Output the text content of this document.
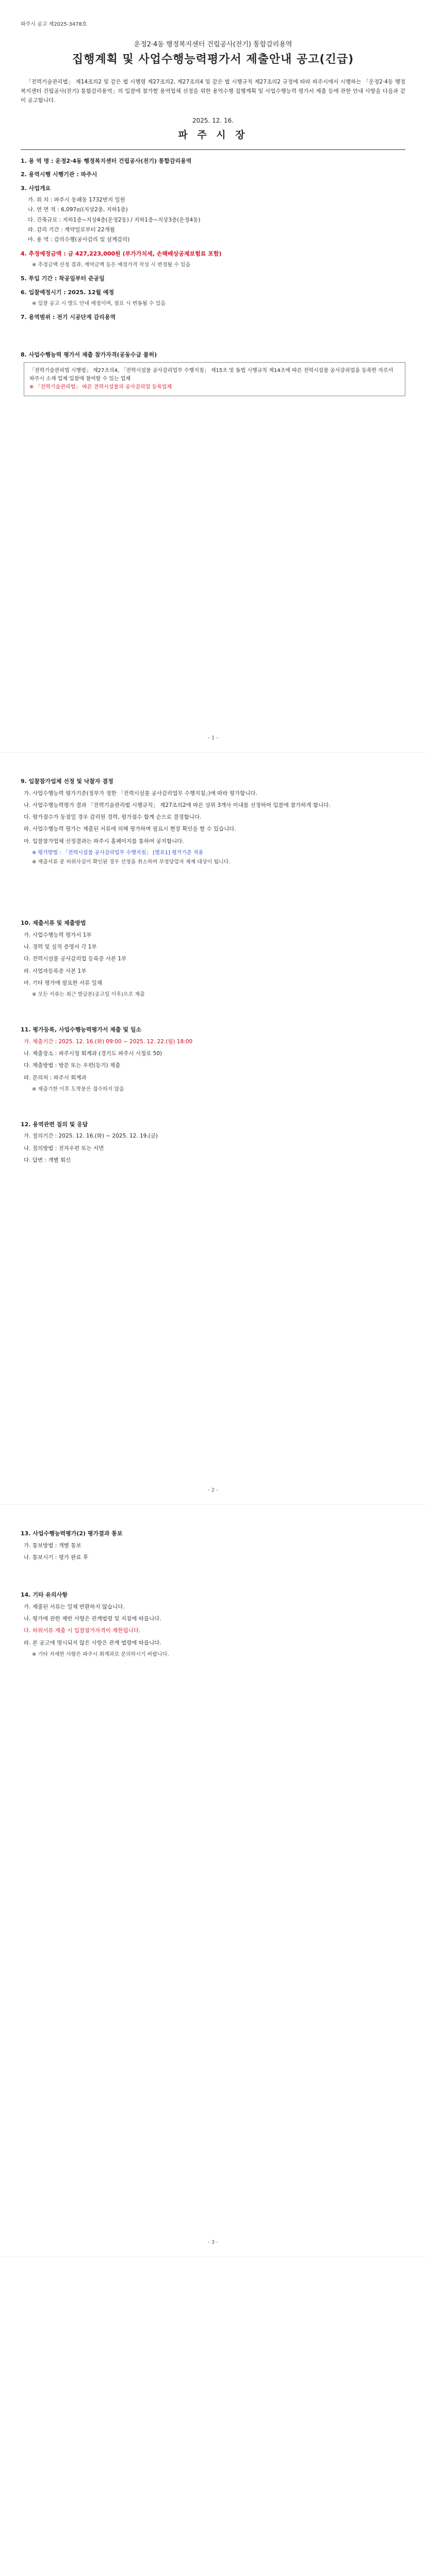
파주시 공고 제2025-3478호
운정2·4동 행정복지센터 건립공사(전기) 통합감리용역
집행계획 및 사업수행능력평가서 제출안내 공고(긴급)

「전력기술관리법」 제14조의2 및 같은 법 시행령 제27조의2, 제27조의4 및 같은 법 시행규칙 제27조의2 규정에 따라 파주시에서 시행하는 「운정2·4동 행정복지센터 건립공사(전기) 통합감리용역」의 입찰에 참가할 용역업체 선정을 위한 용역수행 집행계획 및 사업수행능력 평가서 제출 등에 관한 안내 사항을 다음과 같이 공고합니다.

2025. 12. 16.
파 주 시 장
1. 용 역 명 : 운정2·4동 행정복지센터 건립공사(전기) 통합감리용역
2. 용역시행 시행기관 : 파주시
3. 사업개요
가. 위 치 : 파주시 동패동 1732번지 일원
나. 연 면 적 : 6,097㎡(지상2층, 지하1층)
다. 건축규모 : 지하1층~지상4층(운정2동) / 지하1층~지상3층(운정4동)
라. 감리 기간 : 계약일로부터 22개월
마. 용 역 : 감리수행(공사감리 및 설계감리)
4. 추정예정금액 : 금 427,223,000원 (부가가치세, 손해배상공제보험료 포함)
※ 추정금액 산정 결과, 계약금액 등은 예정가격 작성 시 변경될 수 있음
5. 투입 기간 : 착공일부터 준공일
6. 입찰예정시기 : 2025. 12월 예정
※ 입찰 공고 시 별도 안내 예정이며, 필요 시 변동될 수 있음
7. 용역범위 : 전기 시공단계 감리용역
8. 사업수행능력 평가서 제출 참가자격(공동수급 불허)
「전력기술관리법 시행령」 제27조의4, 「전력시설물 공사감리업무 수행지침」 제15조 및 동법 시행규칙 제14조에 따른 전력시설물 공사감리업을 등록한 자로서 파주시 소재 업체 입찰에 참여할 수 있는 업체
※ 「전력기술관리법」 따른 전력시설물의 공사감리업 등록업체
- 1 -
9. 입찰참가업체 선정 및 낙찰자 결정
가. 사업수행능력 평가기준(정부가 정한 「전력시설물 공사감리업무 수행지침」)에 따라 평가합니다.
나. 사업수행능력평가 결과 「전력기술관리법 시행규칙」 제27조의2에 따른 상위 3개사 이내를 선정하여 입찰에 참가하게 합니다.
다. 평가점수가 동점일 경우 감리원 경력, 평가점수 합계 순으로 결정합니다.
라. 사업수행능력 평가는 제출된 서류에 의해 평가하며 필요시 현장 확인을 할 수 있습니다.
마. 입찰참가업체 선정결과는 파주시 홈페이지를 통하여 공지합니다.
※ 평가방법 : 「전력시설물 공사감리업무 수행지침」 [별표1] 평가기준 적용
※ 제출서류 중 허위사실이 확인된 경우 선정을 취소하며 부정당업자 제재 대상이 됩니다.
10. 제출서류 및 제출방법
가. 사업수행능력 평가서 1부
나. 경력 및 실적 증명서 각 1부
다. 전력시설물 공사감리업 등록증 사본 1부
라. 사업자등록증 사본 1부
마. 기타 평가에 필요한 서류 일체
※ 모든 서류는 최근 발급본(공고일 이후)으로 제출
11. 평가등록, 사업수행능력평가서 제출 및 일소
가. 제출기간 : 2025. 12. 16.(화) 09:00 ~ 2025. 12. 22.(월) 18:00
나. 제출장소 : 파주시청 회계과 (경기도 파주시 시청로 50)
다. 제출방법 : 방문 또는 우편(등기) 제출
라. 문의처 : 파주시 회계과
※ 제출기한 이후 도착분은 접수하지 않음
12. 용역관련 질의 및 응답
가. 질의기간 : 2025. 12. 16.(화) ~ 2025. 12. 19.(금)
나. 질의방법 : 전자우편 또는 서면
다. 답변 : 개별 회신
- 2 -
13. 사업수행능력평가(2) 평가결과 통보
가. 통보방법 : 개별 통보
나. 통보시기 : 평가 완료 후
14. 기타 유의사항
가. 제출된 서류는 일체 반환하지 않습니다.
나. 평가에 관한 제반 사항은 관계법령 및 지침에 따릅니다.
다. 허위서류 제출 시 입찰참가자격이 제한됩니다.
라. 본 공고에 명시되지 않은 사항은 관계 법령에 따릅니다.
※ 기타 자세한 사항은 파주시 회계과로 문의하시기 바랍니다.
- 3 -
